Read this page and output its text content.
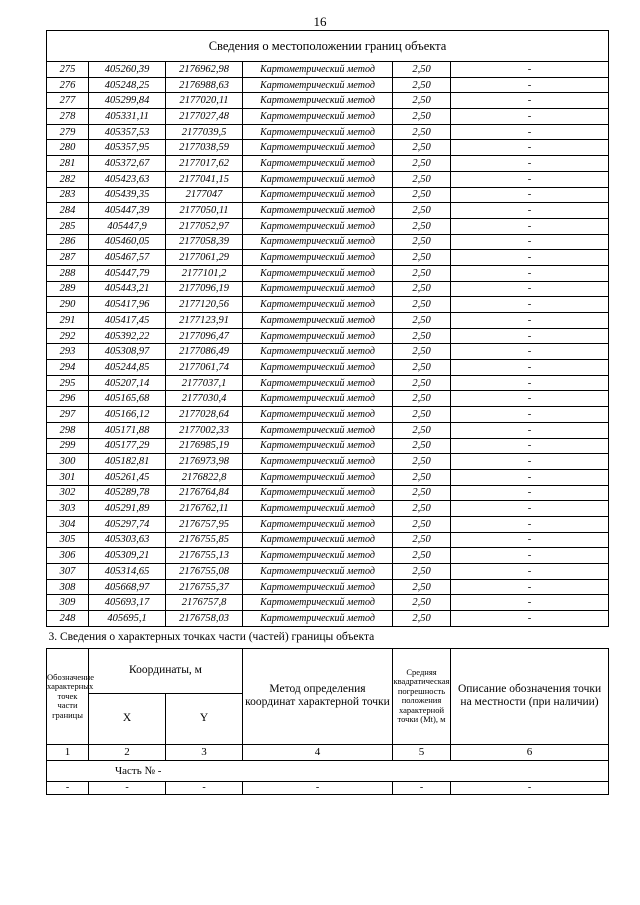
16
Сведения о местоположении границ объекта					
275	405260,39	2176962,98	Картометрический метод	2,50	-
276	405248,25	2176988,63	Картометрический метод	2,50	-
277	405299,84	2177020,11	Картометрический метод	2,50	-
278	405331,11	2177027,48	Картометрический метод	2,50	-
279	405357,53	2177039,5	Картометрический метод	2,50	-
280	405357,95	2177038,59	Картометрический метод	2,50	-
281	405372,67	2177017,62	Картометрический метод	2,50	-
282	405423,63	2177041,15	Картометрический метод	2,50	-
283	405439,35	2177047	Картометрический метод	2,50	-
284	405447,39	2177050,11	Картометрический метод	2,50	-
285	405447,9	2177052,97	Картометрический метод	2,50	-
286	405460,05	2177058,39	Картометрический метод	2,50	-
287	405467,57	2177061,29	Картометрический метод	2,50	-
288	405447,79	2177101,2	Картометрический метод	2,50	-
289	405443,21	2177096,19	Картометрический метод	2,50	-
290	405417,96	2177120,56	Картометрический метод	2,50	-
291	405417,45	2177123,91	Картометрический метод	2,50	-
292	405392,22	2177096,47	Картометрический метод	2,50	-
293	405308,97	2177086,49	Картометрический метод	2,50	-
294	405244,85	2177061,74	Картометрический метод	2,50	-
295	405207,14	2177037,1	Картометрический метод	2,50	-
296	405165,68	2177030,4	Картометрический метод	2,50	-
297	405166,12	2177028,64	Картометрический метод	2,50	-
298	405171,88	2177002,33	Картометрический метод	2,50	-
299	405177,29	2176985,19	Картометрический метод	2,50	-
300	405182,81	2176973,98	Картометрический метод	2,50	-
301	405261,45	2176822,8	Картометрический метод	2,50	-
302	405289,78	2176764,84	Картометрический метод	2,50	-
303	405291,89	2176762,11	Картометрический метод	2,50	-
304	405297,74	2176757,95	Картометрический метод	2,50	-
305	405303,63	2176755,85	Картометрический метод	2,50	-
306	405309,21	2176755,13	Картометрический метод	2,50	-
307	405314,65	2176755,08	Картометрический метод	2,50	-
308	405668,97	2176755,37	Картометрический метод	2,50	-
309	405693,17	2176757,8	Картометрический метод	2,50	-
248	405695,1	2176758,03	Картометрический метод	2,50	-
3. Сведения о характерных точках части (частей) границы объекта					
Обозначение характерных точек части границы	Координаты, м		Метод определения координат характерной точки	Средняя квадратическая погрешность положения характерной точки (Мt), м	Описание обозначения точки на местности (при наличии)
	X	Y			
1	2	3	4	5	6
Часть № -					
-	-	-	-	-	-
